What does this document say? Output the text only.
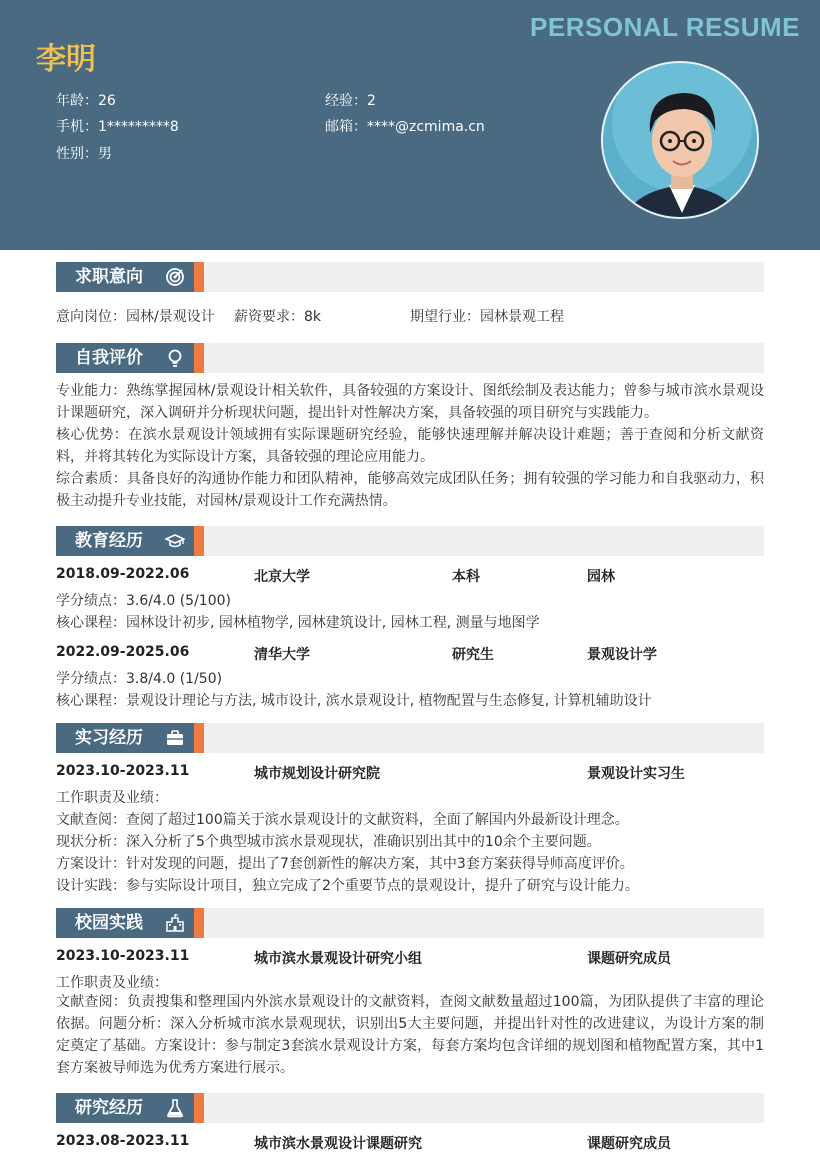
PERSONAL RESUME
李明
年龄：26	经验：2
手机：1*********8	邮箱：****@zcmima.cn
性别：男
求职意向
意向岗位：园林/景观设计 薪资要求：8k	期望行业：园林景观工程
自我评价
专业能力：熟练掌握园林/景观设计相关软件，具备较强的方案设计、图纸绘制及表达能力；曾参与城市滨水景观设计课题研究，深入调研并分析现状问题，提出针对性解决方案，具备较强的项目研究与实践能力。
核心优势：在滨水景观设计领域拥有实际课题研究经验，能够快速理解并解决设计难题；善于查阅和分析文献资料，并将其转化为实际设计方案，具备较强的理论应用能力。
综合素质：具备良好的沟通协作能力和团队精神，能够高效完成团队任务；拥有较强的学习能力和自我驱动力，积极主动提升专业技能，对园林/景观设计工作充满热情。
教育经历
2018.09-2022.06	北京大学	本科	园林
学分绩点：3.6/4.0 (5/100)
核心课程：园林设计初步, 园林植物学, 园林建筑设计, 园林工程, 测量与地图学
2022.09-2025.06	清华大学	研究生	景观设计学
学分绩点：3.8/4.0 (1/50)
核心课程：景观设计理论与方法, 城市设计, 滨水景观设计, 植物配置与生态修复, 计算机辅助设计
实习经历
2023.10-2023.11	城市规划设计研究院	景观设计实习生
工作职责及业绩：
文献查阅：查阅了超过100篇关于滨水景观设计的文献资料，全面了解国内外最新设计理念。
现状分析：深入分析了5个典型城市滨水景观现状，准确识别出其中的10余个主要问题。
方案设计：针对发现的问题，提出了7套创新性的解决方案，其中3套方案获得导师高度评价。
设计实践：参与实际设计项目，独立完成了2个重要节点的景观设计，提升了研究与设计能力。
校园实践
2023.10-2023.11	城市滨水景观设计研究小组	课题研究成员
工作职责及业绩：
文献查阅：负责搜集和整理国内外滨水景观设计的文献资料，查阅文献数量超过100篇，为团队提供了丰富的理论依据。问题分析：深入分析城市滨水景观现状，识别出5大主要问题，并提出针对性的改进建议，为设计方案的制定奠定了基础。方案设计：参与制定3套滨水景观设计方案，每套方案均包含详细的规划图和植物配置方案，其中1套方案被导师选为优秀方案进行展示。
研究经历
2023.08-2023.11	城市滨水景观设计课题研究	课题研究成员
